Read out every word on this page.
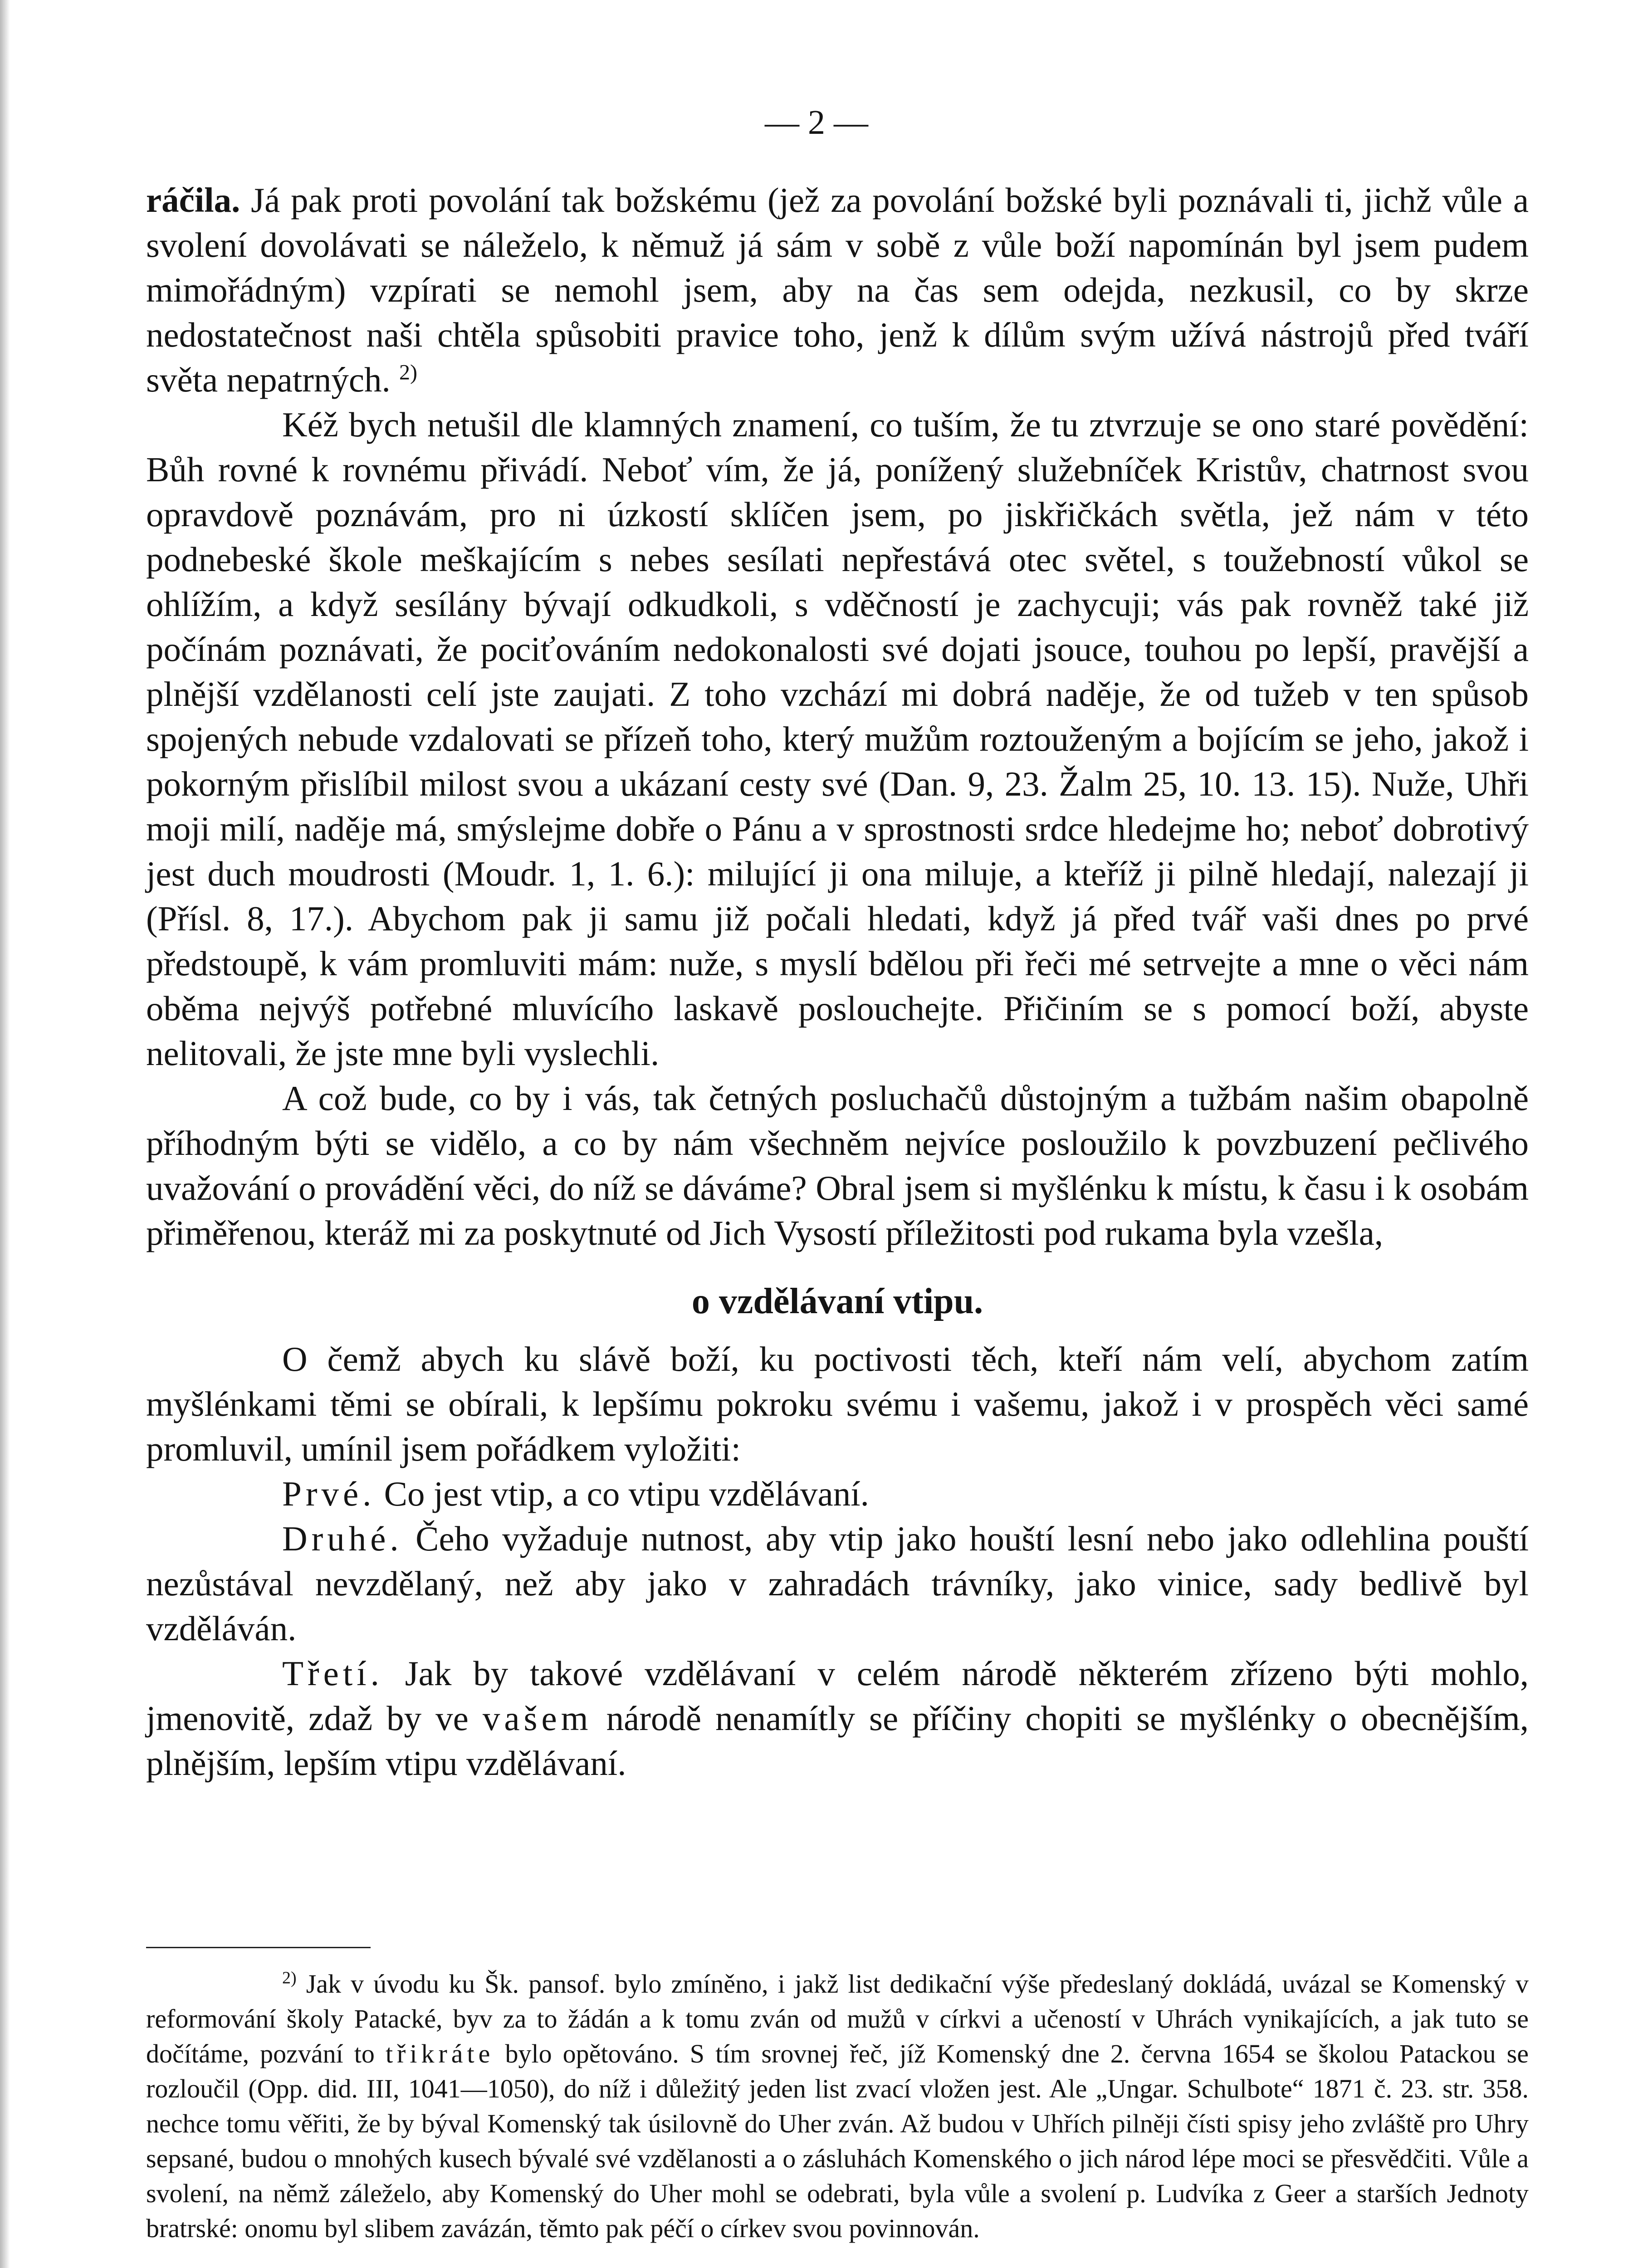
— 2 —

ráčila. Já pak proti povolání tak božskému (jež za povolání božské byli poznávali ti, jichž vůle a svolení dovolávati se náleželo, k němuž já sám v sobě z vůle boží napomínán byl jsem pudem mimořádným) vzpírati se nemohl jsem, aby na čas sem odejda, nezkusil, co by skrze nedostatečnost naši chtěla spůsobiti pravice toho, jenž k dílům svým užívá nástrojů před tváří světa nepatrných. $^{2)}$

Kéž bych netušil dle klamných znamení, co tuším, že tu ztvrzuje se ono staré povědění: Bůh rovné k rovnému přivádí. Neboť vím, že já, ponížený služebníček Kristův, chatrnost svou opravdově poznávám, pro ni úzkostí sklíčen jsem, po jiskřičkách světla, jež nám v této podnebeské škole meškajícím s nebes sesílati nepřestává otec světel, s toužebností vůkol se ohlížím, a když sesílány bývají odkudkoli, s vděčností je zachycuji; vás pak rovněž také již počínám poznávati, že pociťováním nedokonalosti své dojati jsouce, touhou po lepší, pravější a plnější vzdělanosti celí jste zaujati. Z toho vzchází mi dobrá naděje, že od tužeb v ten spůsob spojených nebude vzdalovati se přízeň toho, který mužům roztouženým a bojícím se jeho, jakož i pokorným přislíbil milost svou a ukázaní cesty své (Dan. 9, 23. Žalm 25, 10. 13. 15). Nuže, Uhři moji milí, naděje má, smýslejme dobře o Pánu a v sprostnosti srdce hledejme ho; neboť dobrotivý jest duch moudrosti (Moudr. 1, 1. 6.): milující ji ona miluje, a kteříž ji pilně hledají, nalezají ji (Přísl. 8, 17.). Abychom pak ji samu již počali hledati, když já před tvář vaši dnes po prvé předstoupě, k vám promluviti mám: nuže, s myslí bdělou při řeči mé setrvejte a mne o věci nám oběma nejvýš potřebné mluvícího laskavě poslouchejte. Přičiním se s pomocí boží, abyste nelitovali, že jste mne byli vyslechli.

A což bude, co by i vás, tak četných posluchačů důstojným a tužbám našim obapolně příhodným býti se vidělo, a co by nám všechněm nejvíce posloužilo k povzbuzení pečlivého uvažování o provádění věci, do níž se dáváme? Obral jsem si myšlénku k místu, k času i k osobám přiměřenou, kteráž mi za poskytnuté od Jich Vysostí příležitosti pod rukama byla vzešla,

o vzdělávaní vtipu.

O čemž abych ku slávě boží, ku poctivosti těch, kteří nám velí, abychom zatím myšlénkami těmi se obírali, k lepšímu pokroku svému i vašemu, jakož i v prospěch věci samé promluvil, umínil jsem pořádkem vyložiti:

Prvé. Co jest vtip, a co vtipu vzdělávaní.

Druhé. Čeho vyžaduje nutnost, aby vtip jako houští lesní nebo jako odlehlina pouští nezůstával nevzdělaný, než aby jako v zahradách trávníky, jako vinice, sady bedlivě byl vzděláván.

Třetí. Jak by takové vzdělávaní v celém národě některém zřízeno býti mohlo, jmenovitě, zdaž by ve vašem národě nenamítly se příčiny chopiti se myšlénky o obecnějším, plnějším, lepším vtipu vzdělávaní.

$^{2)}$ Jak v úvodu ku Šk. pansof. bylo zmíněno, i jakž list dedikační výše předeslaný dokládá, uvázal se Komenský v reformování školy Patacké, byv za to žádán a k tomu zván od mužů v církvi a učeností v Uhrách vynikajících, a jak tuto se dočítáme, pozvání to třikráte bylo opětováno. S tím srovnej řeč, jíž Komenský dne 2. června 1654 se školou Patackou se rozloučil (Opp. did. III, 1041—1050), do níž i důležitý jeden list zvací vložen jest. Ale „Ungar. Schulbote“ 1871 č. 23. str. 358. nechce tomu věřiti, že by býval Komenský tak úsilovně do Uher zván. Až budou v Uhřích pilněji čísti spisy jeho zvláště pro Uhry sepsané, budou o mnohých kusech bývalé své vzdělanosti a o zásluhách Komenského o jich národ lépe moci se přesvědčiti. Vůle a svolení, na němž záleželo, aby Komenský do Uher mohl se odebrati, byla vůle a svolení p. Ludvíka z Geer a starších Jednoty bratrské: onomu byl slibem zavázán, těmto pak péčí o církev svou povinnován.
